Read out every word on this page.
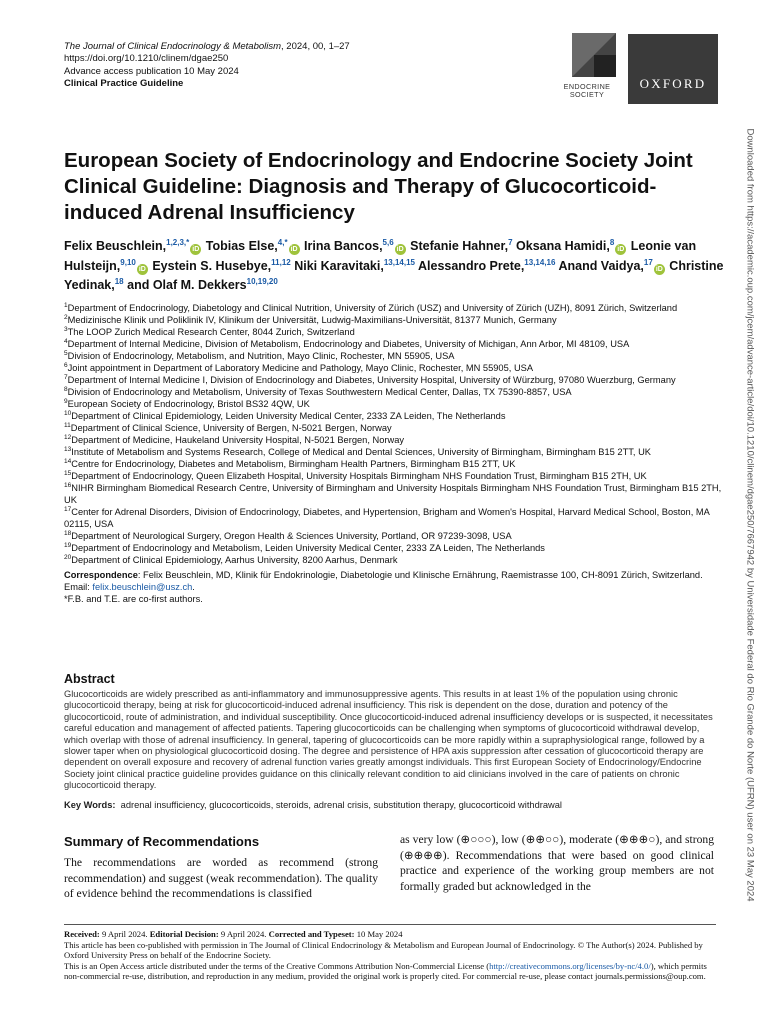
The Journal of Clinical Endocrinology & Metabolism, 2024, 00, 1–27
https://doi.org/10.1210/clinem/dgae250
Advance access publication 10 May 2024
Clinical Practice Guideline	ENDOCRINE
SOCIETY
OXFORD
European Society of Endocrinology and Endocrine Society Joint Clinical Guideline: Diagnosis and Therapy of Glucocorticoid-induced Adrenal Insufficiency
Felix Beuschlein,$^{1,2,3,*}$iD Tobias Else,$^{4,*}$iD Irina Bancos,$^{5,6}$iD Stefanie Hahner,$^7$ Oksana Hamidi,$^8$iD Leonie van Hulsteijn,$^{9,10}$iD Eystein S. Husebye,$^{11,12}$ Niki Karavitaki,$^{13,14,15}$ Alessandro Prete,$^{13,14,16}$ Anand Vaidya,$^{17}$iD Christine Yedinak,$^{18}$ and Olaf M. Dekkers$^{10,19,20}$
$^1$Department of Endocrinology, Diabetology and Clinical Nutrition, University of Zürich (USZ) and University of Zürich (UZH), 8091 Zürich, Switzerland
$^2$Medizinische Klinik und Poliklinik IV, Klinikum der Universität, Ludwig-Maximilians-Universität, 81377 Munich, Germany
$^3$The LOOP Zurich Medical Research Center, 8044 Zurich, Switzerland
$^4$Department of Internal Medicine, Division of Metabolism, Endocrinology and Diabetes, University of Michigan, Ann Arbor, MI 48109, USA
$^5$Division of Endocrinology, Metabolism, and Nutrition, Mayo Clinic, Rochester, MN 55905, USA
$^6$Joint appointment in Department of Laboratory Medicine and Pathology, Mayo Clinic, Rochester, MN 55905, USA
$^7$Department of Internal Medicine I, Division of Endocrinology and Diabetes, University Hospital, University of Würzburg, 97080 Wuerzburg, Germany
$^8$Division of Endocrinology and Metabolism, University of Texas Southwestern Medical Center, Dallas, TX 75390-8857, USA
$^9$European Society of Endocrinology, Bristol BS32 4QW, UK
$^{10}$Department of Clinical Epidemiology, Leiden University Medical Center, 2333 ZA Leiden, The Netherlands
$^{11}$Department of Clinical Science, University of Bergen, N-5021 Bergen, Norway
$^{12}$Department of Medicine, Haukeland University Hospital, N-5021 Bergen, Norway
$^{13}$Institute of Metabolism and Systems Research, College of Medical and Dental Sciences, University of Birmingham, Birmingham B15 2TT, UK
$^{14}$Centre for Endocrinology, Diabetes and Metabolism, Birmingham Health Partners, Birmingham B15 2TT, UK
$^{15}$Department of Endocrinology, Queen Elizabeth Hospital, University Hospitals Birmingham NHS Foundation Trust, Birmingham B15 2TH, UK
$^{16}$NIHR Birmingham Biomedical Research Centre, University of Birmingham and University Hospitals Birmingham NHS Foundation Trust, Birmingham B15 2TH, UK
$^{17}$Center for Adrenal Disorders, Division of Endocrinology, Diabetes, and Hypertension, Brigham and Women's Hospital, Harvard Medical School, Boston, MA 02115, USA
$^{18}$Department of Neurological Surgery, Oregon Health & Sciences University, Portland, OR 97239-3098, USA
$^{19}$Department of Endocrinology and Metabolism, Leiden University Medical Center, 2333 ZA Leiden, The Netherlands
$^{20}$Department of Clinical Epidemiology, Aarhus University, 8200 Aarhus, Denmark
Correspondence: Felix Beuschlein, MD, Klinik für Endokrinologie, Diabetologie und Klinische Ernährung, Raemistrasse 100, CH-8091 Zürich, Switzerland.
Email: felix.beuschlein@usz.ch.
*F.B. and T.E. are co-first authors.
Abstract
Glucocorticoids are widely prescribed as anti-inflammatory and immunosuppressive agents. This results in at least 1% of the population using chronic glucocorticoid therapy, being at risk for glucocorticoid-induced adrenal insufficiency. This risk is dependent on the dose, duration and potency of the glucocorticoid, route of administration, and individual susceptibility. Once glucocorticoid-induced adrenal insufficiency develops or is suspected, it necessitates careful education and management of affected patients. Tapering glucocorticoids can be challenging when symptoms of glucocorticoid withdrawal develop, which overlap with those of adrenal insufficiency. In general, tapering of glucocorticoids can be more rapidly within a supraphysiological range, followed by a slower taper when on physiological glucocorticoid dosing. The degree and persistence of HPA axis suppression after cessation of glucocorticoid therapy are dependent on overall exposure and recovery of adrenal function varies greatly amongst individuals. This first European Society of Endocrinology/Endocrine Society joint clinical practice guideline provides guidance on this clinically relevant condition to aid clinicians involved in the care of patients on chronic glucocorticoid therapy.
Key Words: adrenal insufficiency, glucocorticoids, steroids, adrenal crisis, substitution therapy, glucocorticoid withdrawal
Summary of Recommendations
The recommendations are worded as recommend (strong recommendation) and suggest (weak recommendation). The quality of evidence behind the recommendations is classified
as very low (⊕○○○), low (⊕⊕○○), moderate (⊕⊕⊕○), and strong (⊕⊕⊕⊕). Recommendations that were based on good clinical practice and experience of the working group members are not formally graded but acknowledged in the
Received: 9 April 2024. Editorial Decision: 9 April 2024. Corrected and Typeset: 10 May 2024
This article has been co-published with permission in The Journal of Clinical Endocrinology & Metabolism and European Journal of Endocrinology. © The Author(s) 2024. Published by Oxford University Press on behalf of the Endocrine Society.
This is an Open Access article distributed under the terms of the Creative Commons Attribution Non-Commercial License (http://creativecommons.org/licenses/by-nc/4.0/), which permits non-commercial re-use, distribution, and reproduction in any medium, provided the original work is properly cited. For commercial re-use, please contact journals.permissions@oup.com.
Downloaded from https://academic.oup.com/jcem/advance-article/doi/10.1210/clinem/dgae250/7667942 by Universidade Federal do Rio Grande do Norte (UFRN) user on 23 May 2024
